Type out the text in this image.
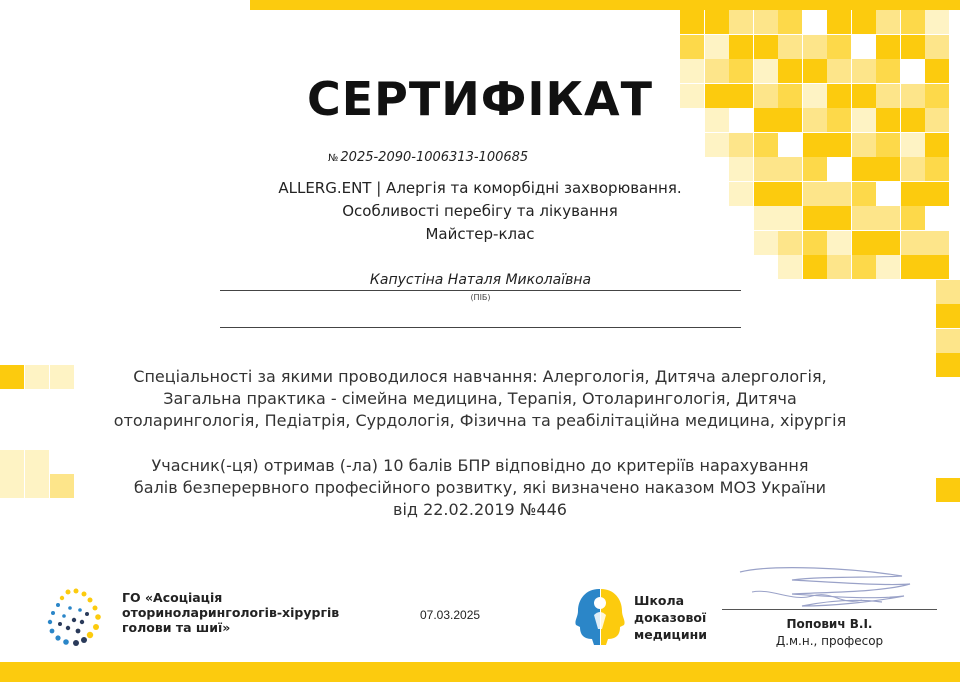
СЕРТИФІКАТ
№ 2025-2090-1006313-100685
ALLERG.ENT | Алергія та коморбідні захворювання.
Особливості перебігу та лікування
Майстер-клас
Капустіна Наталя Миколаївна
(ПІБ)
Спеціальності за якими проводилося навчання: Алергологія, Дитяча алергологія,
Загальна практика - сімейна медицина, Терапія, Отоларингологія, Дитяча
отоларингологія, Педіатрія, Сурдологія, Фізична та реабілітаційна медицина, хірургія
Учасник(-ця) отримав (-ла) 10 балів БПР відповідно до критеріїв нарахування
балів безперервного професійного розвитку, які визначено наказом МОЗ України
від 22.02.2019 №446
ГО «Асоціація
оториноларингологів-хірургів
голови та шиї»
07.03.2025
Школа
доказової
медицини
Попович В.І.
Д.м.н., професор
